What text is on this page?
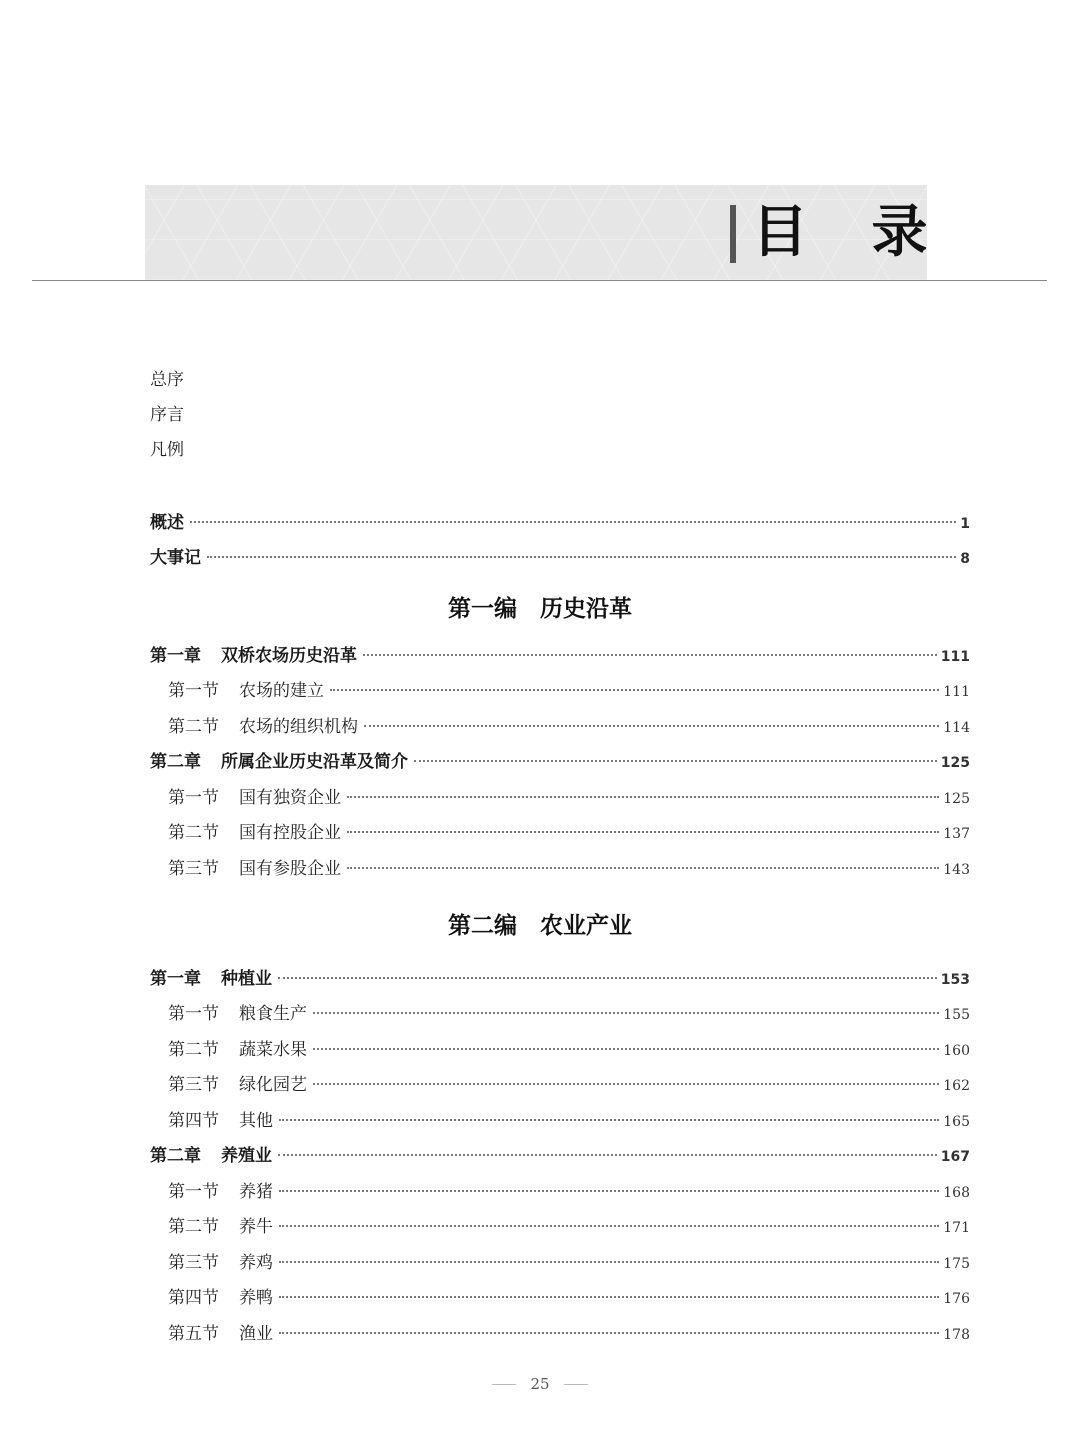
目 录
总序
序言
凡例
概述	1
大事记	8
第一编　历史沿革
第一章 双桥农场历史沿革	111
第一节 农场的建立	111
第二节 农场的组织机构	114
第二章 所属企业历史沿革及简介	125
第一节 国有独资企业	125
第二节 国有控股企业	137
第三节 国有参股企业	143
第二编　农业产业
第一章 种植业	153
第一节 粮食生产	155
第二节 蔬菜水果	160
第三节 绿化园艺	162
第四节 其他	165
第二章 养殖业	167
第一节 养猪	168
第二节 养牛	171
第三节 养鸡	175
第四节 养鸭	176
第五节 渔业	178
25
